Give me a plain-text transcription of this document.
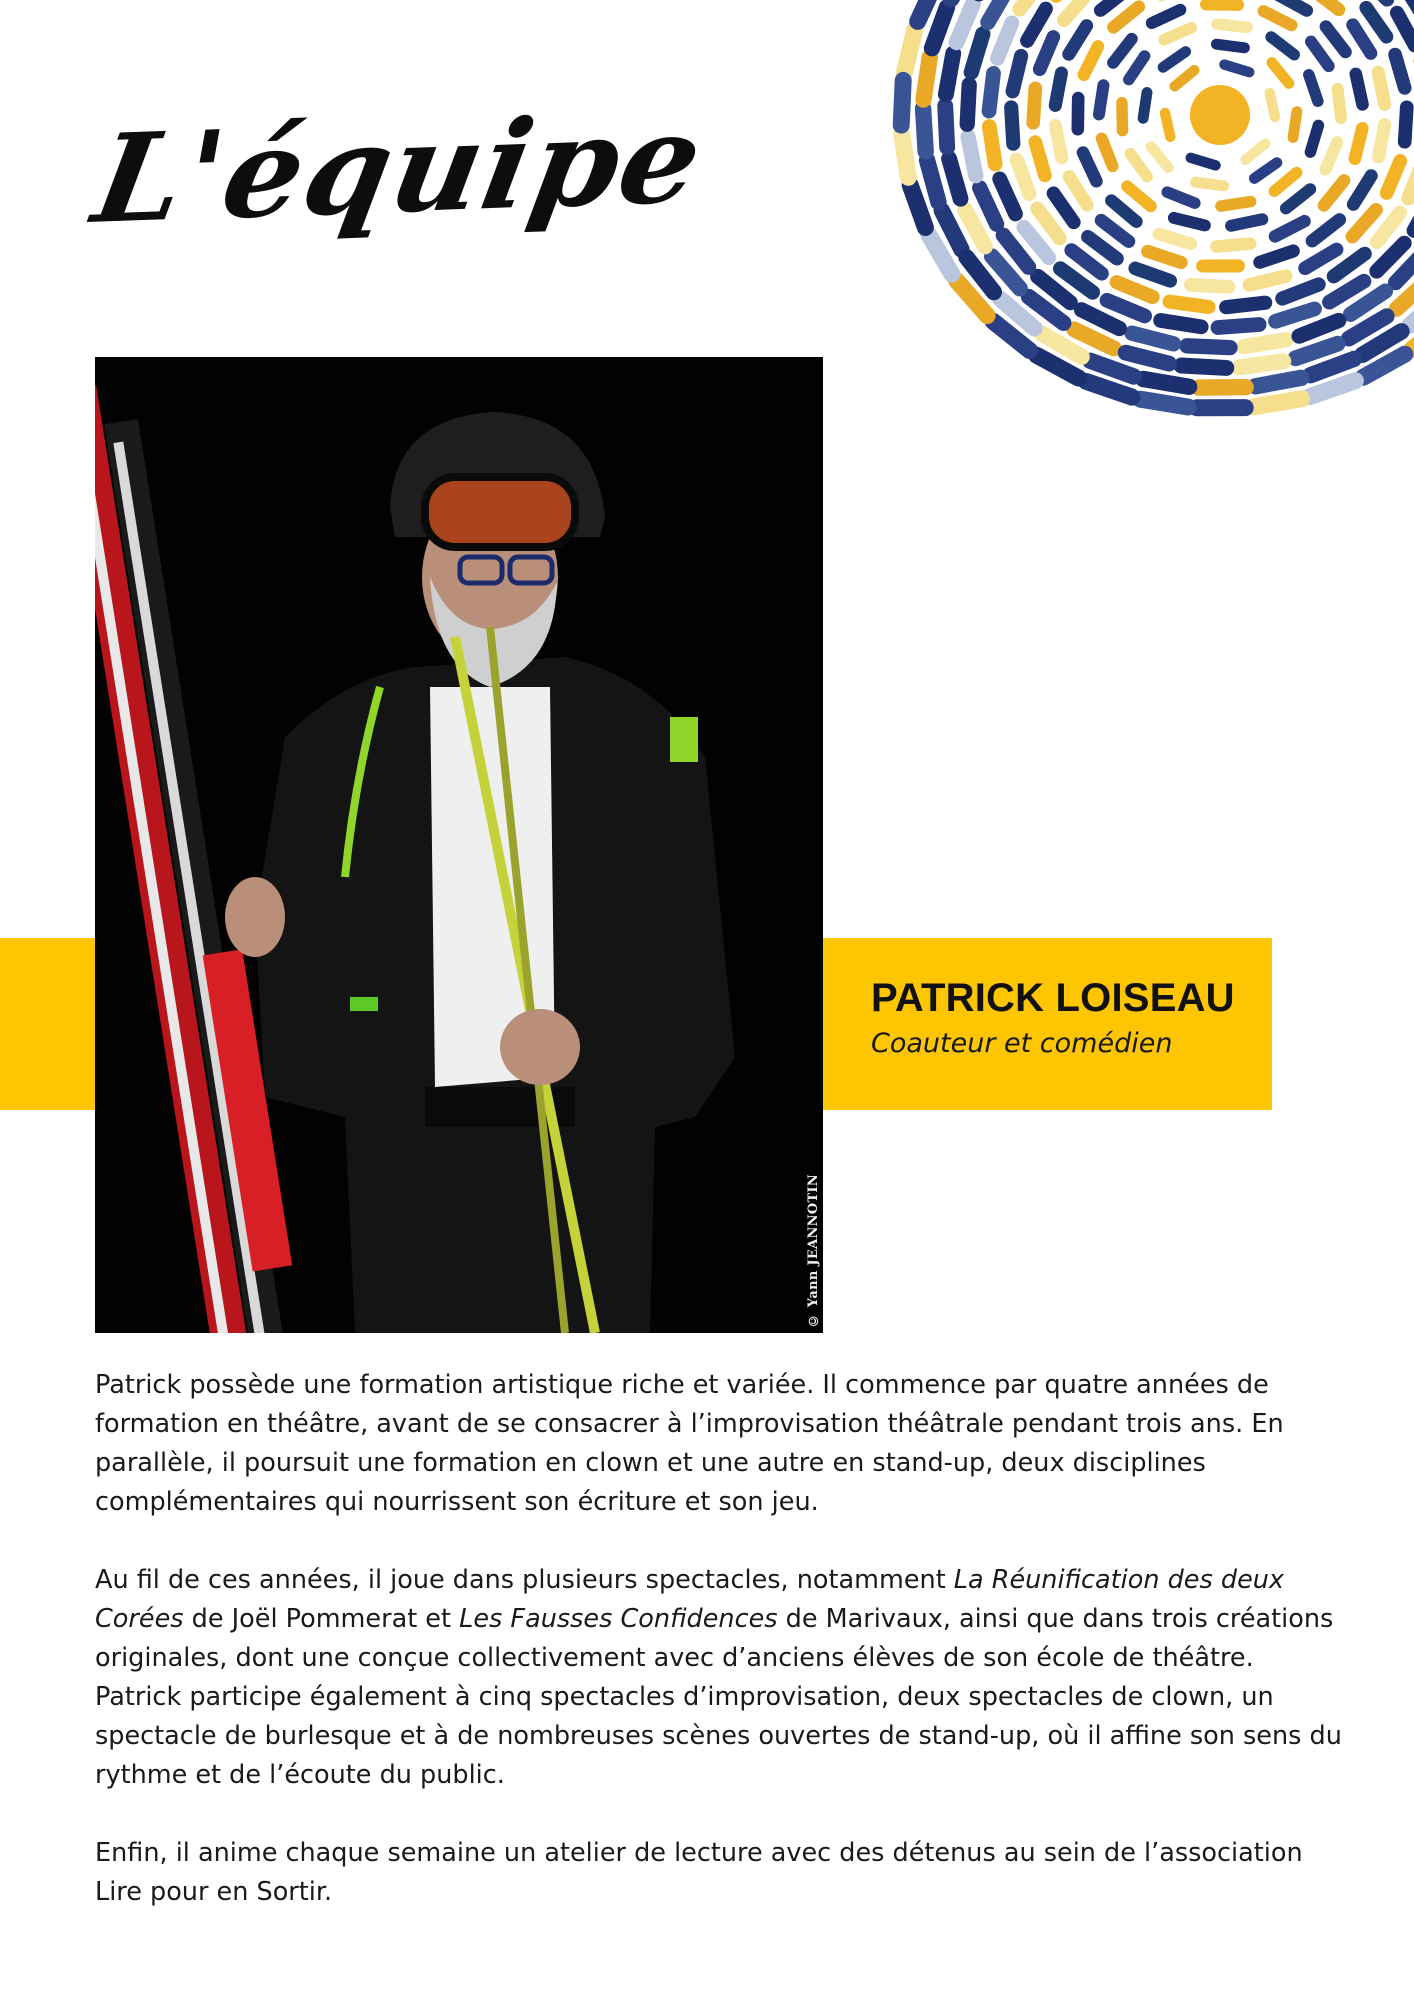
L'équipe
© Yann JEANNOTIN
PATRICK LOISEAU
Coauteur et comédien

Patrick possède une formation artistique riche et variée. Il commence par quatre années de formation en théâtre, avant de se consacrer à l’improvisation théâtrale pendant trois ans. En parallèle, il poursuit une formation en clown et une autre en stand-up, deux disciplines complémentaires qui nourrissent son écriture et son jeu.

Au fil de ces années, il joue dans plusieurs spectacles, notamment La Réunification des deux Corées de Joël Pommerat et Les Fausses Confidences de Marivaux, ainsi que dans trois créations originales, dont une conçue collectivement avec d’anciens élèves de son école de théâtre. Patrick participe également à cinq spectacles d’improvisation, deux spectacles de clown, un spectacle de burlesque et à de nombreuses scènes ouvertes de stand-up, où il affine son sens du rythme et de l’écoute du public.

Enfin, il anime chaque semaine un atelier de lecture avec des détenus au sein de l’association Lire pour en Sortir.
